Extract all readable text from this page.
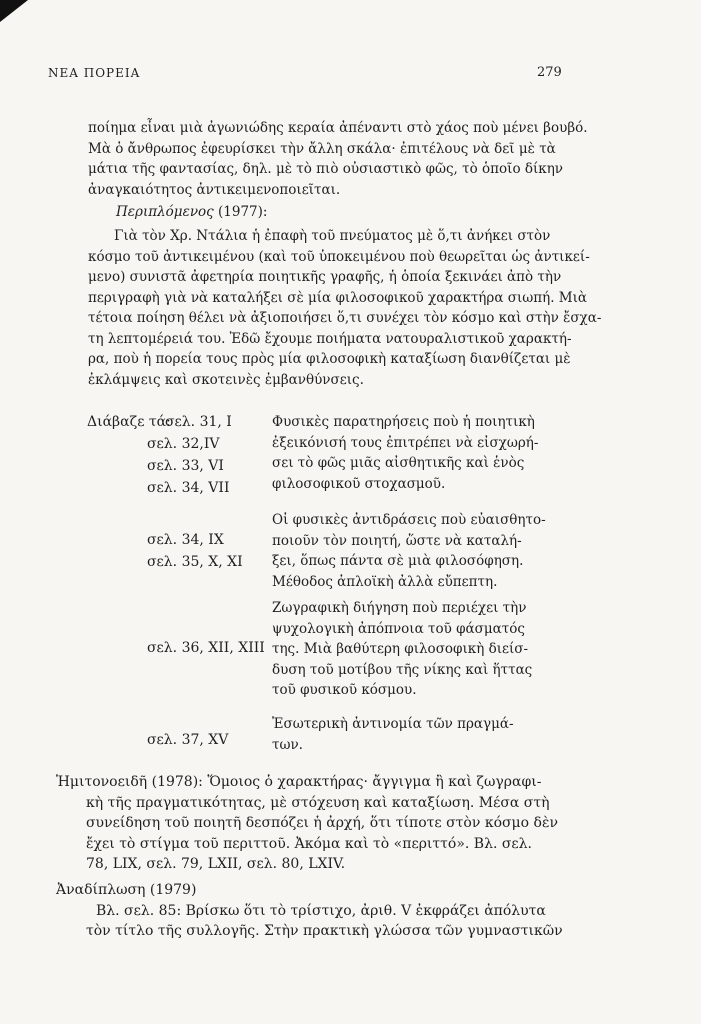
ΝΕΑ ΠΟΡΕΙΑ	279
ποίημα εἶναι μιὰ ἀγωνιώδης κεραία ἀπέναντι στὸ χάος ποὺ μένει βουβό.
Μὰ ὁ ἄνθρωπος ἐφευρίσκει τὴν ἄλλη σκάλα· ἐπιτέλους νὰ δεῖ μὲ τὰ
μάτια τῆς φαντασίας, δηλ. μὲ τὸ πιὸ οὐσιαστικὸ φῶς, τὸ ὁποῖο δίκην
ἀναγκαιότητος ἀντικειμενοποιεῖται.
Περιπλόμενος (1977):
Γιὰ τὸν Χρ. Ντάλια ἡ ἐπαφὴ τοῦ πνεύματος μὲ ὅ,τι ἀνήκει στὸν
κόσμο τοῦ ἀντικειμένου (καὶ τοῦ ὑποκειμένου ποὺ θεωρεῖται ὡς ἀντικεί-
μενο) συνιστᾶ ἀφετηρία ποιητικῆς γραφῆς, ἡ ὁποία ξεκινάει ἀπὸ τὴν
περιγραφὴ γιὰ νὰ καταλήξει σὲ μία φιλοσοφικοῦ χαρακτήρα σιωπή. Μιὰ
τέτοια ποίηση θέλει νὰ ἀξιοποιήσει ὅ,τι συνέχει τὸν κόσμο καὶ στὴν ἔσχα-
τη λεπτομέρειά του. Ἐδῶ ἔχουμε ποιήματα νατουραλιστικοῦ χαρακτή-
ρα, ποὺ ἡ πορεία τους πρὸς μία φιλοσοφικὴ καταξίωση διανθίζεται μὲ
ἐκλάμψεις καὶ σκοτεινὲς ἐμβανθύνσεις.
Διάβαζε τά:
σελ. 31, I
σελ. 32,IV
σελ. 33, VI
σελ. 34, VII
Φυσικὲς παρατηρήσεις ποὺ ἡ ποιητικὴ
ἐξεικόνισή τους ἐπιτρέπει νὰ εἰσχωρή-
σει τὸ φῶς μιᾶς αἰσθητικῆς καὶ ἑνὸς
φιλοσοφικοῦ στοχασμοῦ.
σελ. 34, IX
σελ. 35, X, XI
Οἱ φυσικὲς ἀντιδράσεις ποὺ εὐαισθητο-
ποιοῦν τὸν ποιητή, ὥστε νὰ καταλή-
ξει, ὅπως πάντα σὲ μιὰ φιλοσόφηση.
Μέθοδος ἁπλοϊκὴ ἀλλὰ εὔπεπτη.
σελ. 36, XII, XIII
Ζωγραφικὴ διήγηση ποὺ περιέχει τὴν
ψυχολογικὴ ἀπόπνοια τοῦ φάσματός
της. Μιὰ βαθύτερη φιλοσοφικὴ διείσ-
δυση τοῦ μοτίβου τῆς νίκης καὶ ἥττας
τοῦ φυσικοῦ κόσμου.
σελ. 37, XV
Ἐσωτερικὴ ἀντινομία τῶν πραγμά-
των.
Ἡμιτονοειδῆ (1978): Ὅμοιος ὁ χαρακτήρας· ἄγγιγμα ἢ καὶ ζωγραφι-
κὴ τῆς πραγματικότητας, μὲ στόχευση καὶ καταξίωση. Μέσα στὴ
συνείδηση τοῦ ποιητῆ δεσπόζει ἡ ἀρχή, ὅτι τίποτε στὸν κόσμο δὲν
ἔχει τὸ στίγμα τοῦ περιττοῦ. Ἀκόμα καὶ τὸ «περιττό». Βλ. σελ.
78, LIX, σελ. 79, LXII, σελ. 80, LXIV.
Ἀναδίπλωση (1979)
Βλ. σελ. 85: Βρίσκω ὅτι τὸ τρίστιχο, ἀριθ. V ἐκφράζει ἀπόλυτα
τὸν τίτλο τῆς συλλογῆς. Στὴν πρακτικὴ γλώσσα τῶν γυμναστικῶν
